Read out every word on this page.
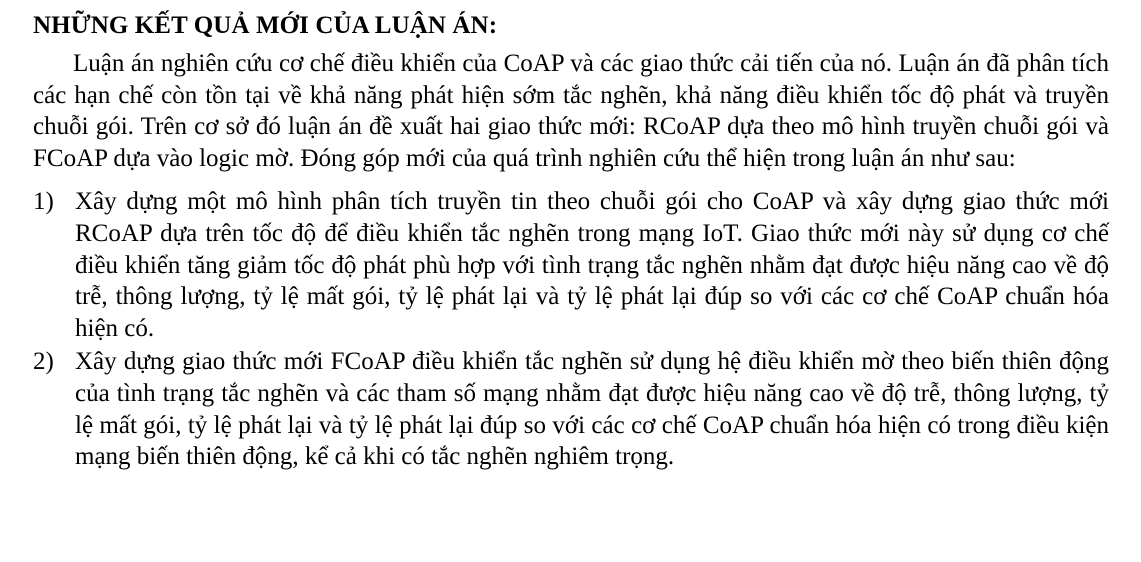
NHỮNG KẾT QUẢ MỚI CỦA LUẬN ÁN:

Luận án nghiên cứu cơ chế điều khiển của CoAP và các giao thức cải tiến của nó. Luận án đã phân tích các hạn chế còn tồn tại về khả năng phát hiện sớm tắc nghẽn, khả năng điều khiển tốc độ phát và truyền chuỗi gói. Trên cơ sở đó luận án đề xuất hai giao thức mới: RCoAP dựa theo mô hình truyền chuỗi gói và FCoAP dựa vào logic mờ. Đóng góp mới của quá trình nghiên cứu thể hiện trong luận án như sau:

1) Xây dựng một mô hình phân tích truyền tin theo chuỗi gói cho CoAP và xây dựng giao thức mới RCoAP dựa trên tốc độ để điều khiển tắc nghẽn trong mạng IoT. Giao thức mới này sử dụng cơ chế điều khiển tăng giảm tốc độ phát phù hợp với tình trạng tắc nghẽn nhằm đạt được hiệu năng cao về độ trễ, thông lượng, tỷ lệ mất gói, tỷ lệ phát lại và tỷ lệ phát lại đúp so với các cơ chế CoAP chuẩn hóa hiện có.
2) Xây dựng giao thức mới FCoAP điều khiển tắc nghẽn sử dụng hệ điều khiển mờ theo biến thiên động của tình trạng tắc nghẽn và các tham số mạng nhằm đạt được hiệu năng cao về độ trễ, thông lượng, tỷ lệ mất gói, tỷ lệ phát lại và tỷ lệ phát lại đúp so với các cơ chế CoAP chuẩn hóa hiện có trong điều kiện mạng biến thiên động, kể cả khi có tắc nghẽn nghiêm trọng.
